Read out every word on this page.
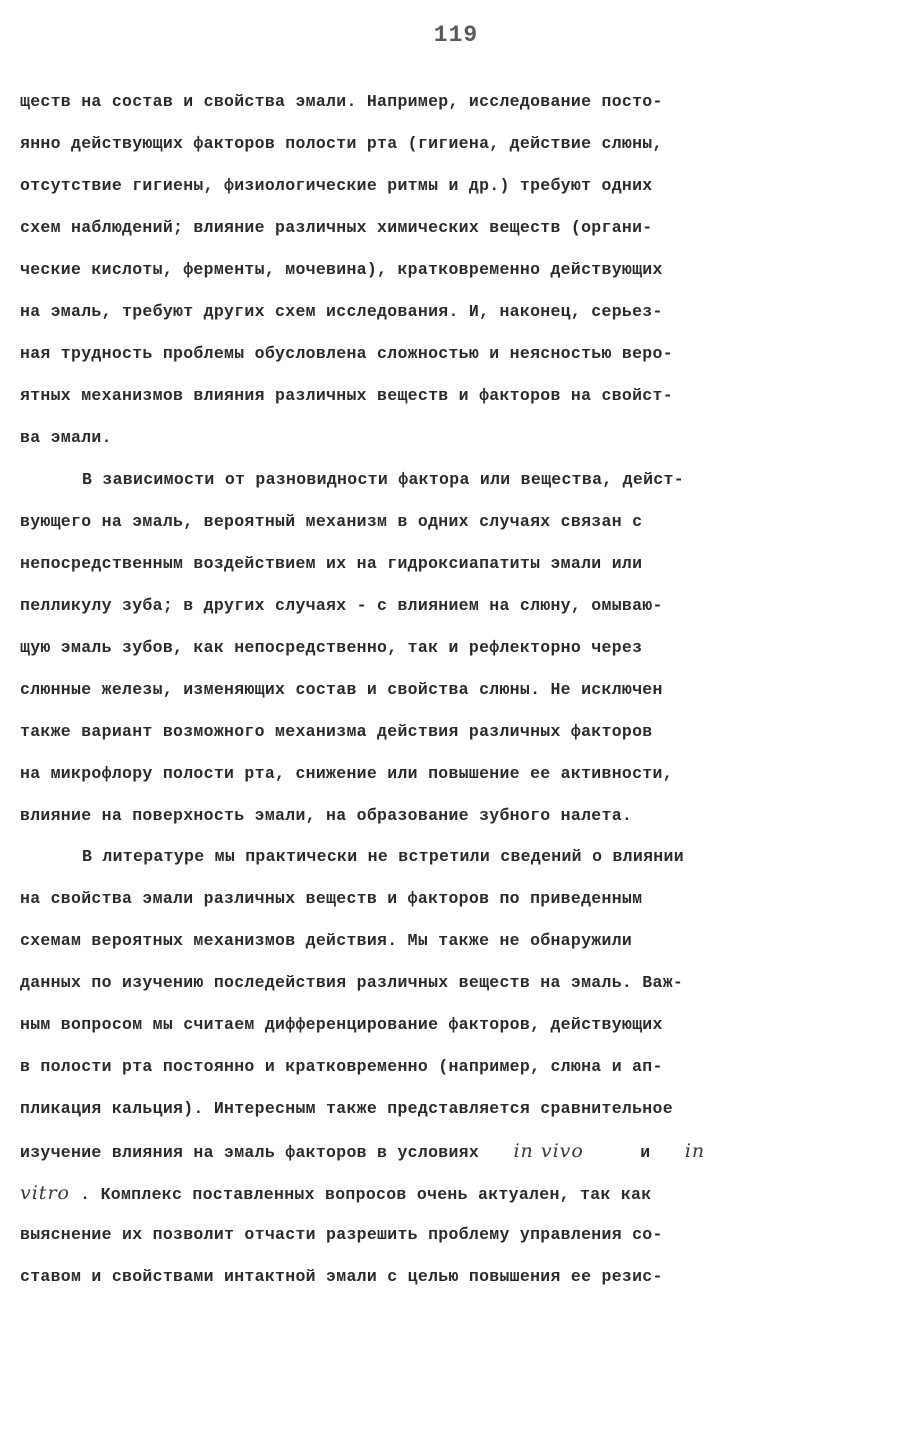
119
ществ на состав и свойства эмали. Например, исследование посто-
янно действующих факторов полости рта (гигиена, действие слюны,
отсутствие гигиены, физиологические ритмы и др.) требуют одних
схем наблюдений; влияние различных химических веществ (органи-
ческие кислоты, ферменты, мочевина), кратковременно действующих
на эмаль, требуют других схем исследования. И, наконец, серьез-
ная трудность проблемы обусловлена сложностью и неясностью веро-
ятных механизмов влияния различных веществ и факторов на свойст-
ва эмали.
В зависимости от разновидности фактора или вещества, дейст-
вующего на эмаль, вероятный механизм в одних случаях связан с
непосредственным воздействием их на гидроксиапатиты эмали или
пелликулу зуба; в других случаях - с влиянием на слюну, омываю-
щую эмаль зубов, как непосредственно, так и рефлекторно через
слюнные железы, изменяющих состав и свойства слюны. Не исключен
также вариант возможного механизма действия различных факторов
на микрофлору полости рта, снижение или повышение ее активности,
влияние на поверхность эмали, на образование зубного налета.
В литературе мы практически не встретили сведений о влиянии
на свойства эмали различных веществ и факторов по приведенным
схемам вероятных механизмов действия. Мы также не обнаружили
данных по изучению последействия различных веществ на эмаль. Важ-
ным вопросом мы считаем дифференцирование факторов, действующих
в полости рта постоянно и кратковременно (например, слюна и ап-
пликация кальция). Интересным также представляется сравнительное
изучение влияния на эмаль факторов в условиях in vivo	и in
vitro . Комплекс поставленных вопросов очень актуален, так как
выяснение их позволит отчасти разрешить проблему управления со-
ставом и свойствами интактной эмали с целью повышения ее резис-
